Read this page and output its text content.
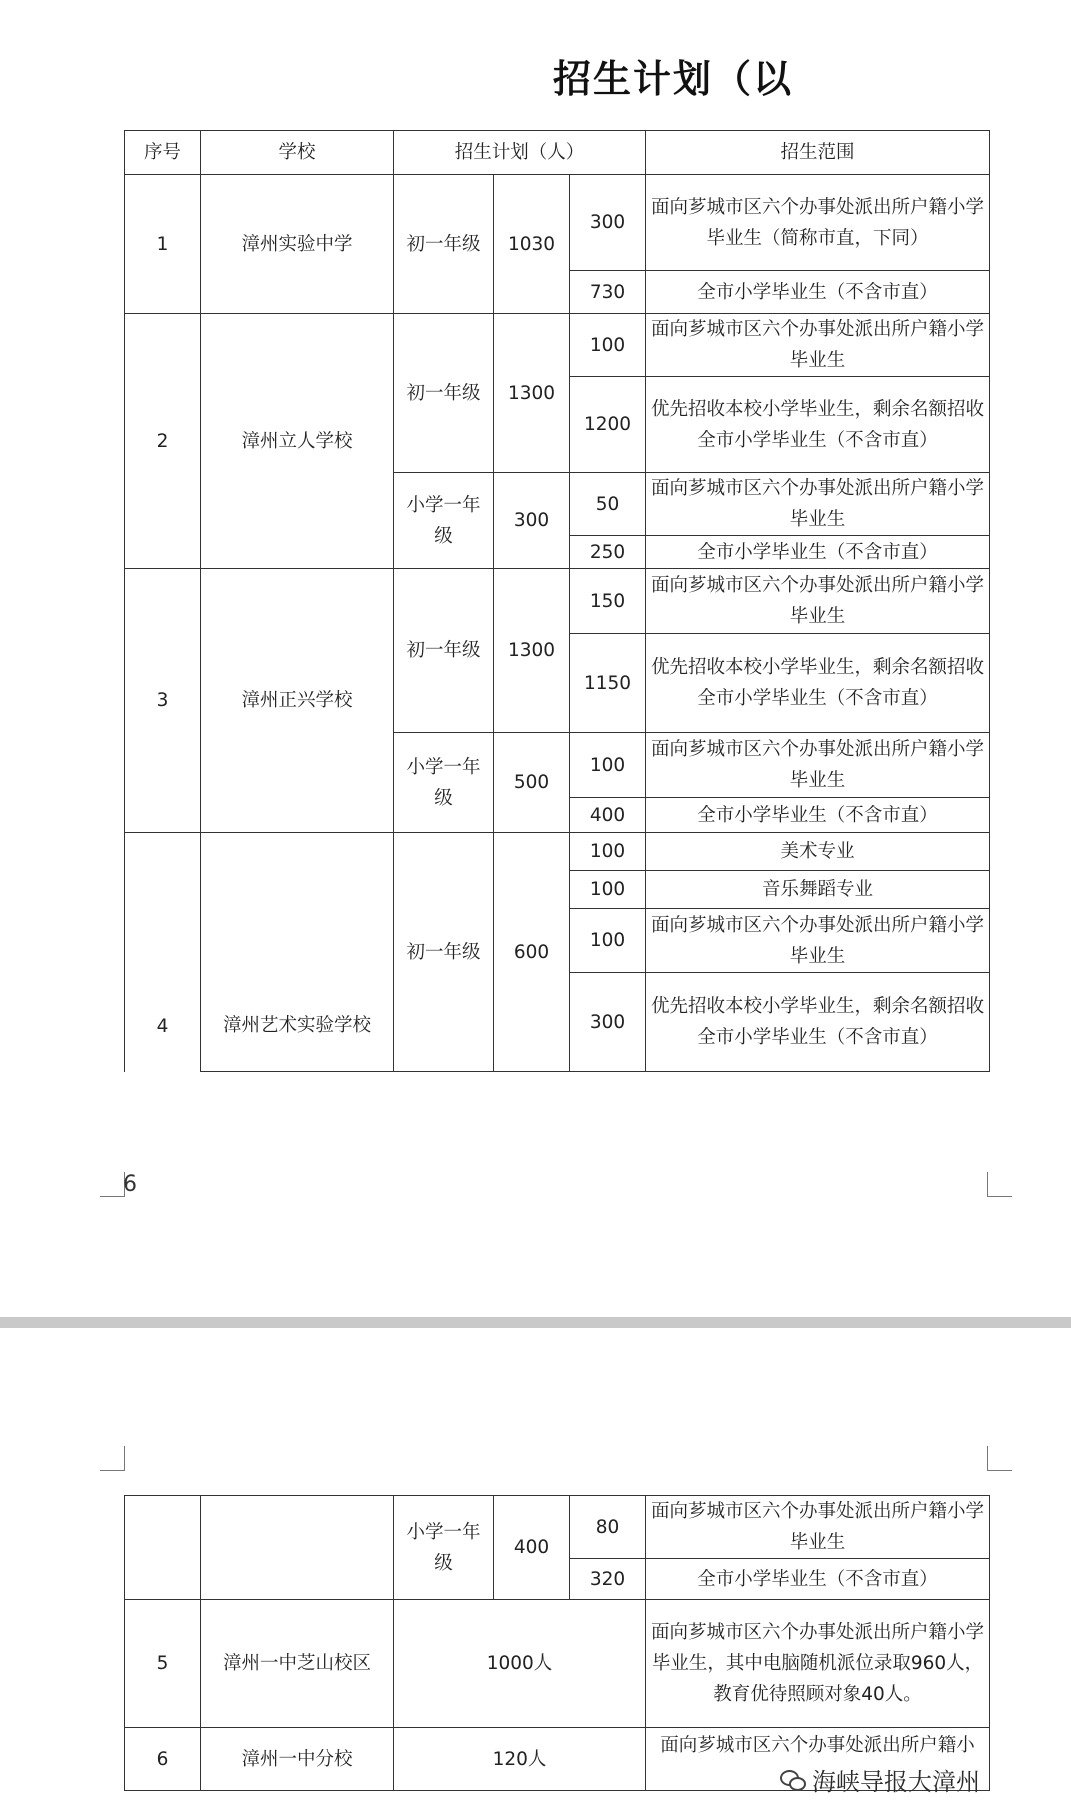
招生计划（以
序号	学校	招生计划（人）			招生范围
1	漳州实验中学	初一年级	1030	300	面向芗城市区六个办事处派出所户籍小学毕业生（简称市直，下同）
				730	全市小学毕业生（不含市直）
2	漳州立人学校	初一年级	1300	100	面向芗城市区六个办事处派出所户籍小学毕业生
				1200	优先招收本校小学毕业生，剩余名额招收全市小学毕业生（不含市直）
		小学一年级	300	50	面向芗城市区六个办事处派出所户籍小学毕业生
				250	全市小学毕业生（不含市直）
3	漳州正兴学校	初一年级	1300	150	面向芗城市区六个办事处派出所户籍小学毕业生
				1150	优先招收本校小学毕业生，剩余名额招收全市小学毕业生（不含市直）
		小学一年级	500	100	面向芗城市区六个办事处派出所户籍小学毕业生
				400	全市小学毕业生（不含市直）
4	漳州艺术实验学校	初一年级	600	100	美术专业
				100	音乐舞蹈专业
				100	面向芗城市区六个办事处派出所户籍小学毕业生
				300	优先招收本校小学毕业生，剩余名额招收全市小学毕业生（不含市直）
6
		小学一年级	400	80	面向芗城市区六个办事处派出所户籍小学毕业生
				320	全市小学毕业生（不含市直）
5	漳州一中芝山校区	1000人			面向芗城市区六个办事处派出所户籍小学毕业生，其中电脑随机派位录取960人，教育优待照顾对象40人。
6	漳州一中分校	120人			面向芗城市区六个办事处派出所户籍小
海峡导报大漳州
